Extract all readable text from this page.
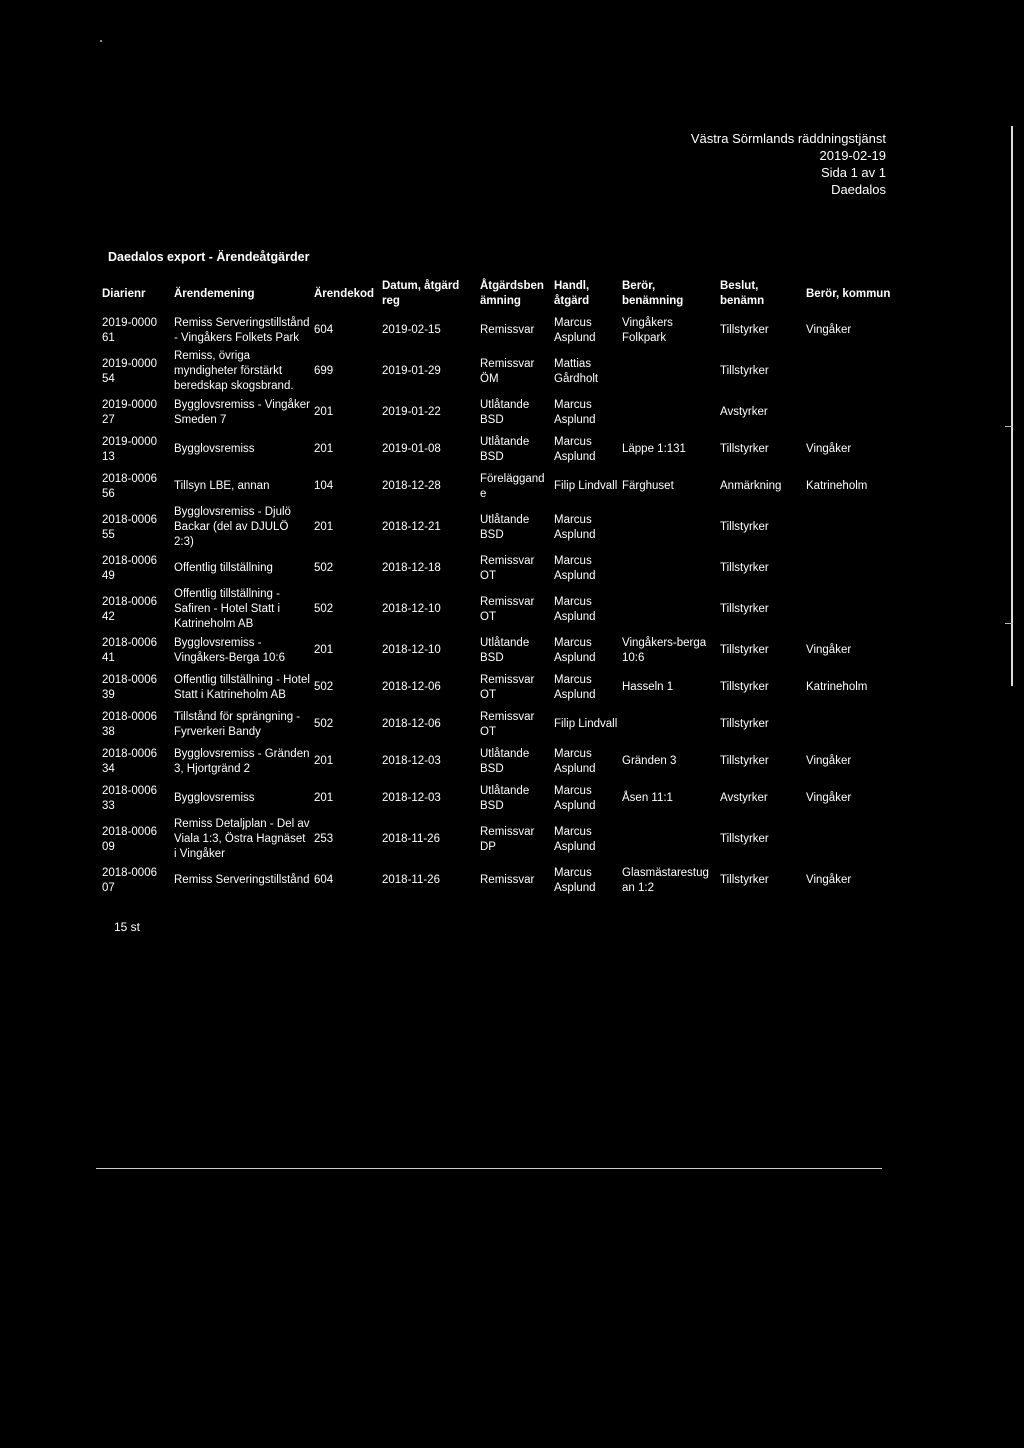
Västra Sörmlands räddningstjänst
2019-02-19
Sida 1 av 1
Daedalos
Daedalos export - Ärendeåtgärder
Diarienr	Ärendemening	Ärendekod	Datum, åtgärd reg	Åtgärdsben ämning	Handl, åtgärd	Berör, benämning	Beslut, benämn	Berör, kommun
2019-0000 61	Remiss Serveringstillstånd - Vingåkers Folkets Park	604	2019-02-15	Remissvar	Marcus Asplund	Vingåkers Folkpark	Tillstyrker	Vingåker
2019-0000 54	Remiss, övriga myndigheter förstärkt beredskap skogsbrand.	699	2019-01-29	Remissvar ÖM	Mattias Gårdholt		Tillstyrker	
2019-0000 27	Bygglovsremiss - Vingåker Smeden 7	201	2019-01-22	Utlåtande BSD	Marcus Asplund		Avstyrker	
2019-0000 13	Bygglovsremiss	201	2019-01-08	Utlåtande BSD	Marcus Asplund	Läppe 1:131	Tillstyrker	Vingåker
2018-0006 56	Tillsyn LBE, annan	104	2018-12-28	Föreläggand e	Filip Lindvall	Färghuset	Anmärkning	Katrineholm
2018-0006 55	Bygglovsremiss - Djulö Backar (del av DJULÖ 2:3)	201	2018-12-21	Utlåtande BSD	Marcus Asplund		Tillstyrker	
2018-0006 49	Offentlig tillställning	502	2018-12-18	Remissvar OT	Marcus Asplund		Tillstyrker	
2018-0006 42	Offentlig tillställning - Safiren - Hotel Statt i Katrineholm AB	502	2018-12-10	Remissvar OT	Marcus Asplund		Tillstyrker	
2018-0006 41	Bygglovsremiss - Vingåkers-Berga 10:6	201	2018-12-10	Utlåtande BSD	Marcus Asplund	Vingåkers-berga 10:6	Tillstyrker	Vingåker
2018-0006 39	Offentlig tillställning - Hotel Statt i Katrineholm AB	502	2018-12-06	Remissvar OT	Marcus Asplund	Hasseln 1	Tillstyrker	Katrineholm
2018-0006 38	Tillstånd för sprängning - Fyrverkeri Bandy	502	2018-12-06	Remissvar OT	Filip Lindvall		Tillstyrker	
2018-0006 34	Bygglovsremiss - Gränden 3, Hjortgränd 2	201	2018-12-03	Utlåtande BSD	Marcus Asplund	Gränden 3	Tillstyrker	Vingåker
2018-0006 33	Bygglovsremiss	201	2018-12-03	Utlåtande BSD	Marcus Asplund	Åsen 11:1	Avstyrker	Vingåker
2018-0006 09	Remiss Detaljplan - Del av Viala 1:3, Östra Hagnäset i Vingåker	253	2018-11-26	Remissvar DP	Marcus Asplund		Tillstyrker	
2018-0006 07	Remiss Serveringstillstånd	604	2018-11-26	Remissvar	Marcus Asplund	Glasmästarestug an 1:2	Tillstyrker	Vingåker
15 st
